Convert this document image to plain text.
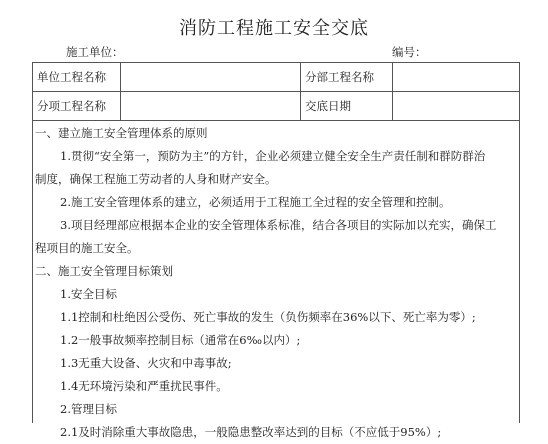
消防工程施工安全交底
施工单位：	编号：
单位工程名称		分部工程名称	
分项工程名称		交底日期	

一、建立施工安全管理体系的原则

1.贯彻“安全第一，预防为主”的方针，企业必须建立健全安全生产责任制和群防群治

制度，确保工程施工劳动者的人身和财产安全。

2.施工安全管理体系的建立，必须适用于工程施工全过程的安全管理和控制。

3.项目经理部应根据本企业的安全管理体系标准，结合各项目的实际加以充实，确保工

程项目的施工安全。

二、施工安全管理目标策划

1.安全目标

1.1控制和杜绝因公受伤、死亡事故的发生（负伤频率在36%以下、死亡率为零）;

1.2一般事故频率控制目标（通常在6‰以内）;

1.3无重大设备、火灾和中毒事故;

1.4无环境污染和严重扰民事件。

2.管理目标

2.1及时消除重大事故隐患，一般隐患整改率达到的目标（不应低于95%）;
